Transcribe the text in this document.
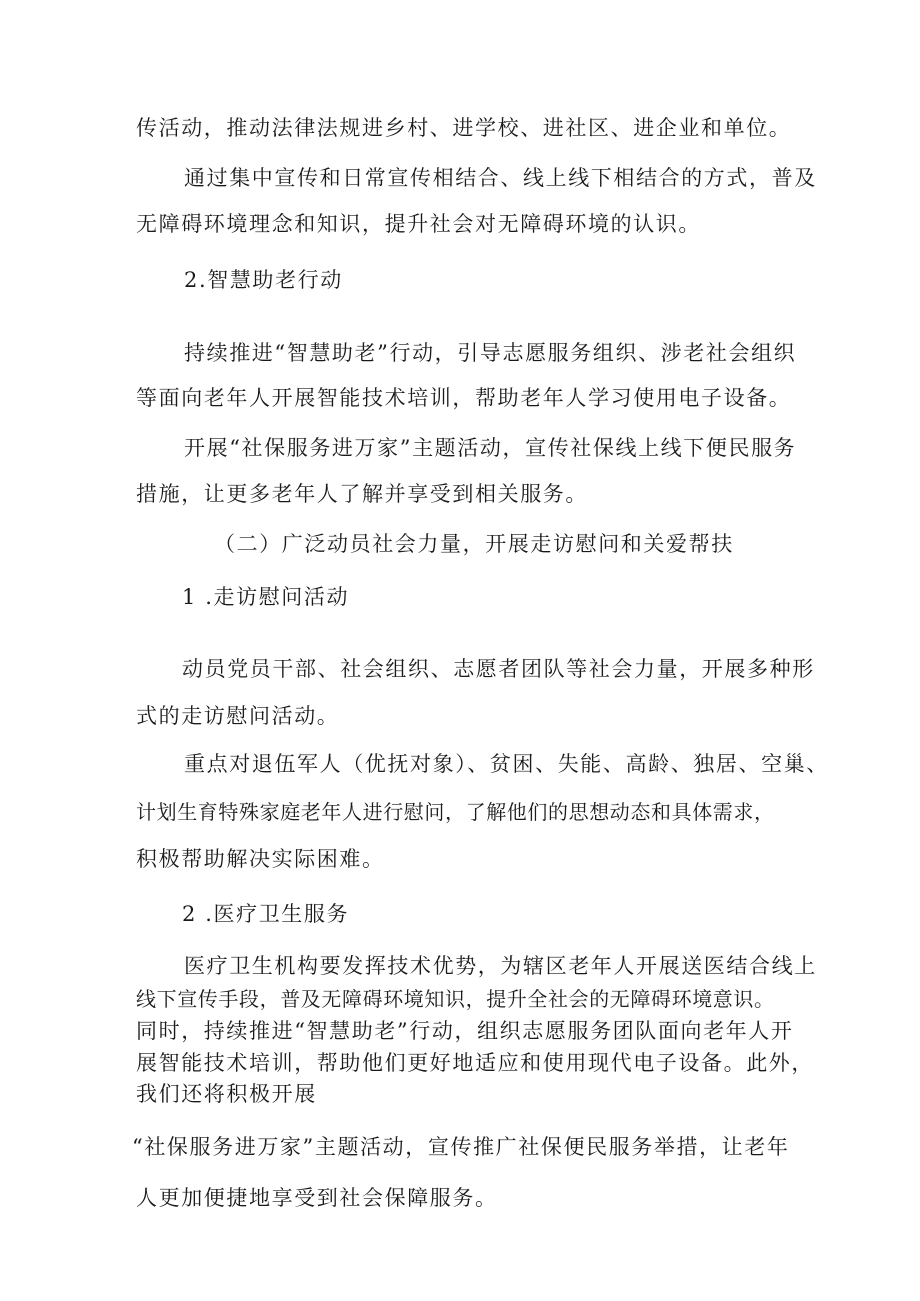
传活动，推动法律法规进乡村、进学校、进社区、进企业和单位。
通过集中宣传和日常宣传相结合、线上线下相结合的方式，普及
无障碍环境理念和知识，提升社会对无障碍环境的认识。
2.智慧助老行动
持续推进“智慧助老”行动，引导志愿服务组织、涉老社会组织
等面向老年人开展智能技术培训，帮助老年人学习使用电子设备。
开展“社保服务进万家”主题活动，宣传社保线上线下便民服务
措施，让更多老年人了解并享受到相关服务。
（二）广泛动员社会力量，开展走访慰问和关爱帮扶
1 .走访慰问活动
动员党员干部、社会组织、志愿者团队等社会力量，开展多种形
式的走访慰问活动。
重点对退伍军人（优抚对象）、贫困、失能、高龄、独居、空巢、
计划生育特殊家庭老年人进行慰问，了解他们的思想动态和具体需求，
积极帮助解决实际困难。
2 .医疗卫生服务
医疗卫生机构要发挥技术优势，为辖区老年人开展送医结合线上
线下宣传手段，普及无障碍环境知识，提升全社会的无障碍环境意识。
同时，持续推进“智慧助老”行动，组织志愿服务团队面向老年人开
展智能技术培训，帮助他们更好地适应和使用现代电子设备。此外，
我们还将积极开展
“社保服务进万家”主题活动，宣传推广社保便民服务举措，让老年
人更加便捷地享受到社会保障服务。
